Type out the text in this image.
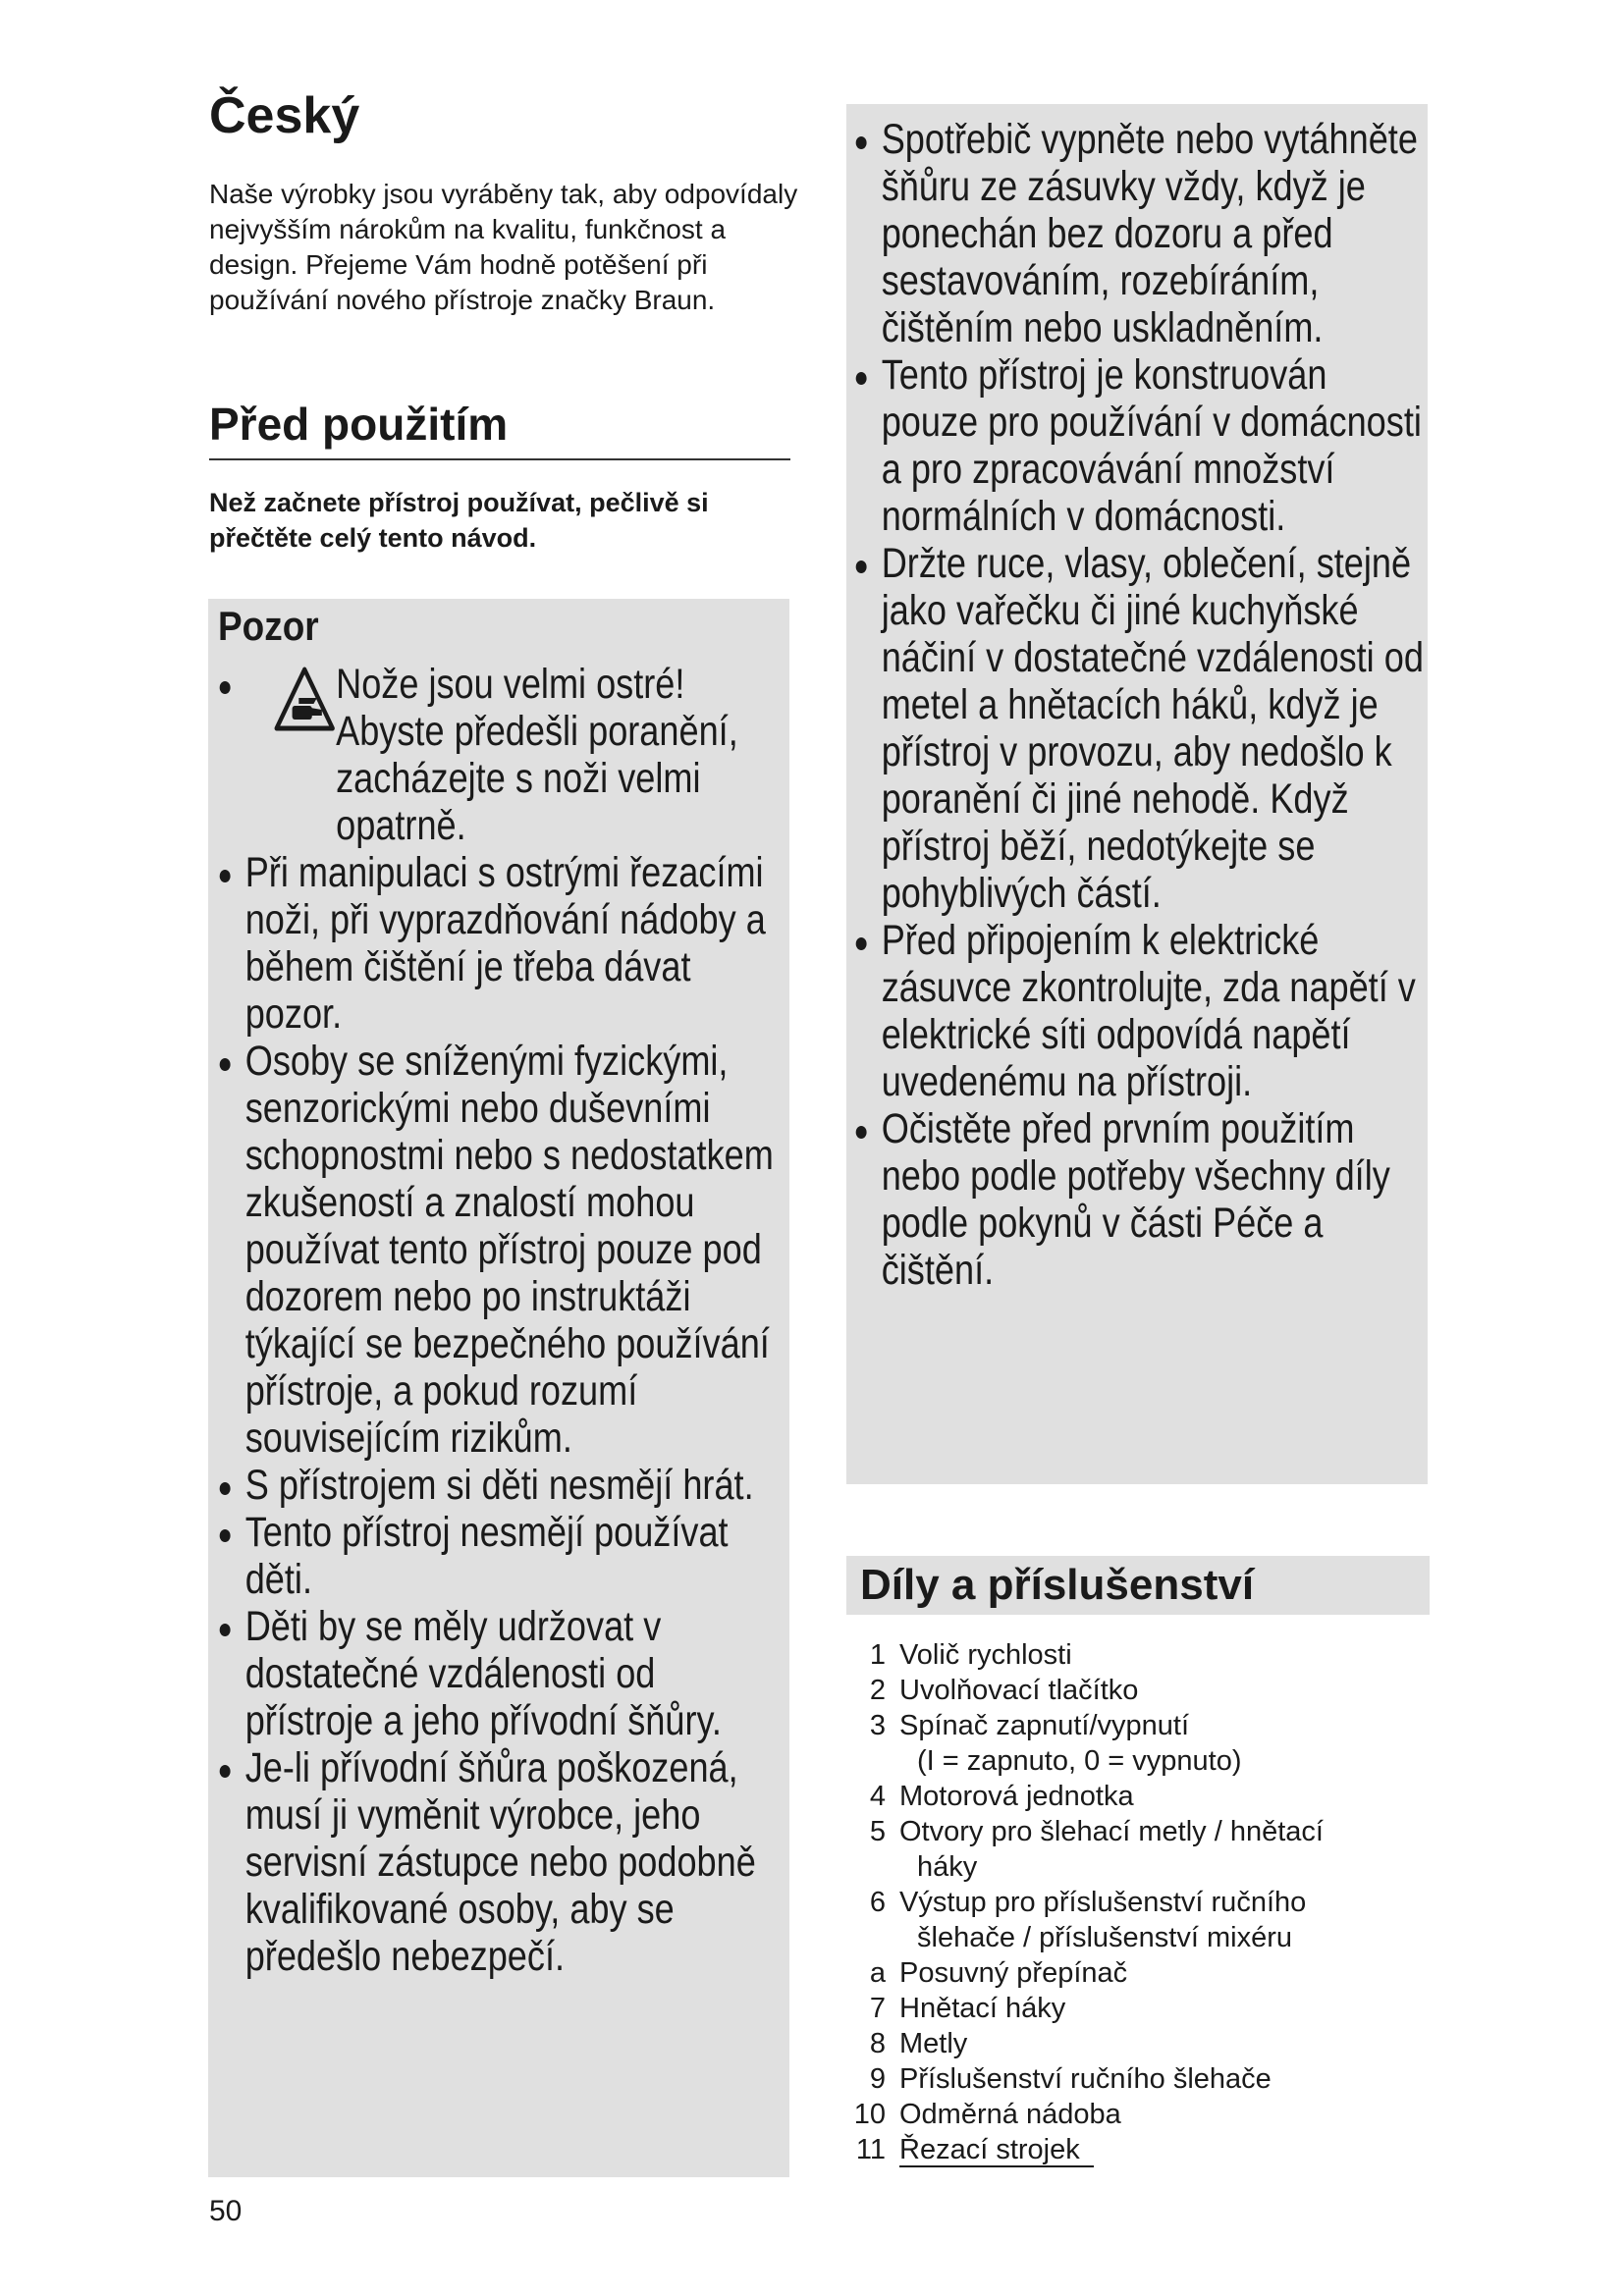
Český
Naše výrobky jsou vyráběny tak, aby odpovídaly nejvyšším nárokům na kvalitu, funkčnost a design. Přejeme Vám hodně potěšení při používání nového přístroje značky Braun.
Před použitím
Než začnete přístroj používat, pečlivě si přečtěte celý tento návod.
Pozor
Nože jsou velmi ostré! Abyste předešli poranění, zacházejte s noži velmi opatrně.
Při manipulaci s ostrými řezacími noži, při vyprazdňování nádoby a během čištění je třeba dávat pozor.
Osoby se sníženými fyzickými, senzorickými nebo duševními schopnostmi nebo s nedostatkem zkušeností a znalostí mohou používat tento přístroj pouze pod dozorem nebo po instruktáži týkající se bezpečného používání přístroje, a pokud rozumí souvisejícím rizikům.
S přístrojem si děti nesmějí hrát.
Tento přístroj nesmějí používat děti.
Děti by se měly udržovat v dostatečné vzdálenosti od přístroje a jeho přívodní šňůry.
Je-li přívodní šňůra poškozená, musí ji vyměnit výrobce, jeho servisní zástupce nebo podobně kvalifikované osoby, aby se předešlo nebezpečí.
Spotřebič vypněte nebo vytáhněte šňůru ze zásuvky vždy, když je ponechán bez dozoru a před sestavováním, rozebíráním, čištěním nebo uskladněním.
Tento přístroj je konstruován pouze pro používání v domácnosti a pro zpracovávání množství normálních v domácnosti.
Držte ruce, vlasy, oblečení, stejně jako vařečku či jiné kuchyňské náčiní v dostatečné vzdálenosti od metel a hnětacích háků, když je přístroj v provozu, aby nedošlo k poranění či jiné nehodě. Když přístroj běží, nedotýkejte se pohyblivých částí.
Před připojením k elektrické zásuvce zkontrolujte, zda napětí v elektrické síti odpovídá napětí uvedenému na přístroji.
Očistěte před prvním použitím nebo podle potřeby všechny díly podle pokynů v části Péče a čištění.
Díly a příslušenství
1 Volič rychlosti
2 Uvolňovací tlačítko
3 Spínač zapnutí/vypnutí
(I = zapnuto, 0 = vypnuto)
4 Motorová jednotka
5 Otvory pro šlehací metly / hnětací
háky
6 Výstup pro příslušenství ručního
šlehače / příslušenství mixéru
a Posuvný přepínač
7 Hnětací háky
8 Metly
9 Příslušenství ručního šlehače
10 Odměrná nádoba
11 Řezací strojek
50
